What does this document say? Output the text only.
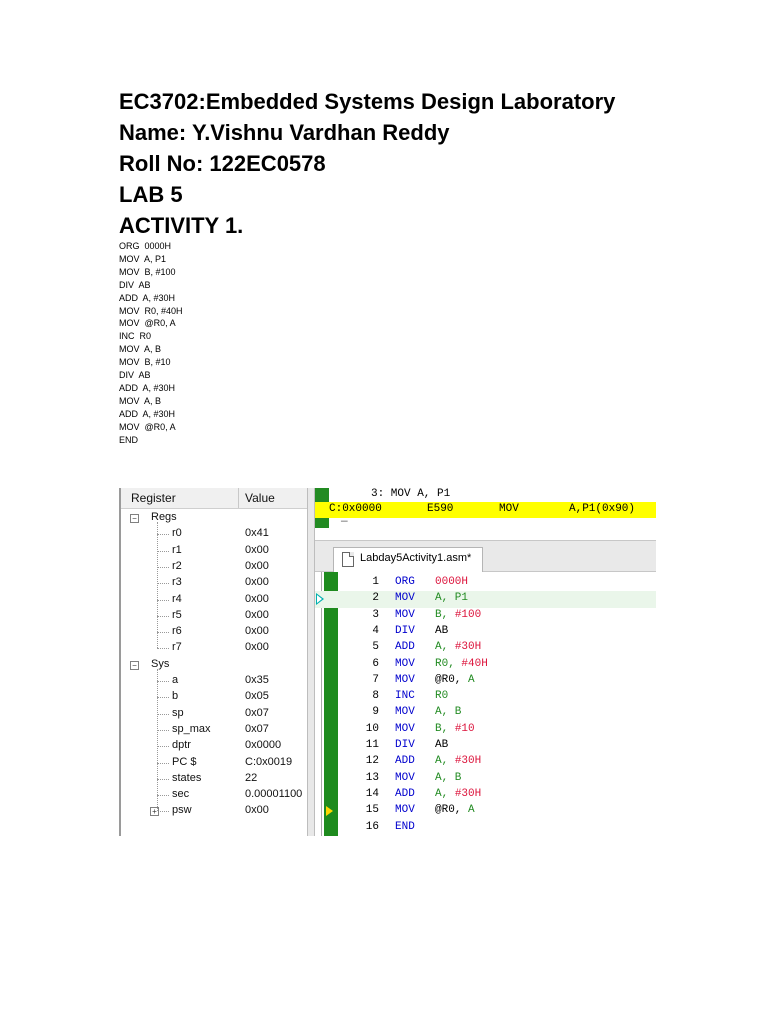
EC3702:Embedded Systems Design Laboratory
Name: Y.Vishnu Vardhan Reddy
Roll No: 122EC0578
LAB 5
ACTIVITY 1.
ORG  0000H
MOV  A, P1
MOV  B, #100
DIV  AB
ADD  A, #30H
MOV  R0, #40H
MOV  @R0, A
INC  R0
MOV  A, B
MOV  B, #10
DIV  AB
ADD  A, #30H
MOV  A, B
ADD  A, #30H
MOV  @R0, A
END
Register	Value
− Regs
r0	0x41
r1	0x00
r2	0x00
r3	0x00
r4	0x00
r5	0x00
r6	0x00
r7	0x00
− Sys
a	0x35
b	0x05
sp	0x07
sp_max	0x07
dptr	0x0000
PC $	C:0x0019
states	22
sec	0.00001100
+ psw	0x00
3: MOV A, P1
C:0x0000	E590	MOV	A,P1(0x90)
—
Labday5Activity1.asm*
1 ORG 0000H
2 MOV A, P1
3 MOV B, #100
4 DIV AB
5 ADD A, #30H
6 MOV R0, #40H
7 MOV @R0, A
8 INC R0
9 MOV A, B
10 MOV B, #10
11 DIV AB
12 ADD A, #30H
13 MOV A, B
14 ADD A, #30H
15 MOV @R0, A
16 END
